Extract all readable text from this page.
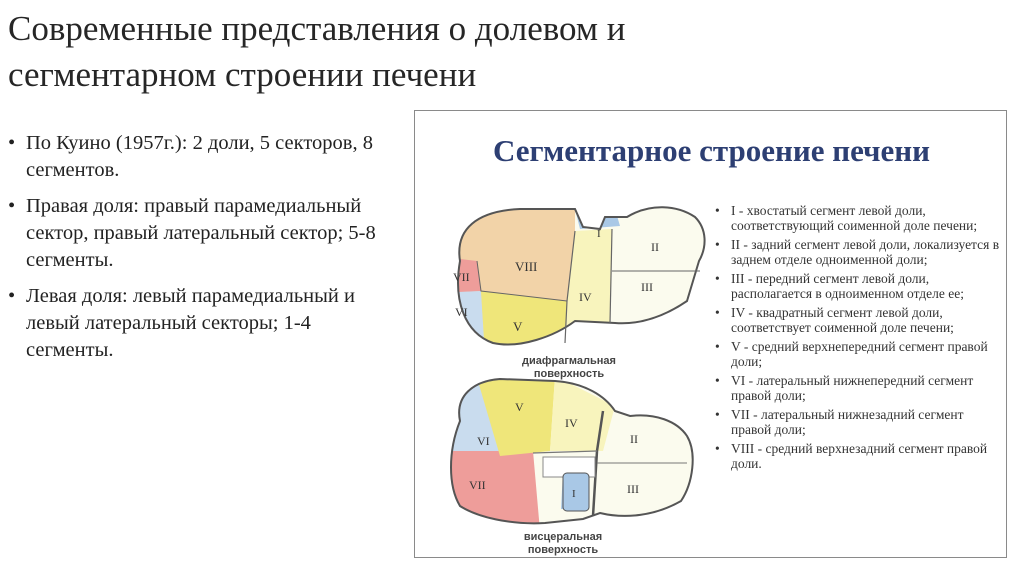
Современные представления о долевом и
сегментарном строении печени
• По Куино (1957г.): 2 доли, 5 секторов, 8 сегментов.
• Правая доля: правый парамедиальный сектор, правый латеральный сектор; 5-8 сегменты.
• Левая доля: левый парамедиальный и левый латеральный секторы; 1-4 сегменты.
Сегментарное строение печени
VIII
VII
VI
V
IV
I
II
III
VI
VII
V
IV
I
II
III
диафрагмальная
поверхность
висцеральная
поверхность
• I - хвостатый сегмент левой доли, соответствующий соименной доле печени;
• II - задний сегмент левой доли, локализуется в заднем отделе одноименной доли;
• III - передний сегмент левой доли, располагается в одноименном отделе ее;
• IV - квадратный сегмент левой доли, соответствует соименной доле печени;
• V - средний верхнепередний сегмент правой доли;
• VI - латеральный нижнепередний сегмент правой доли;
• VII - латеральный нижнезадний сегмент правой доли;
• VIII - средний верхнезадний сегмент правой доли.
